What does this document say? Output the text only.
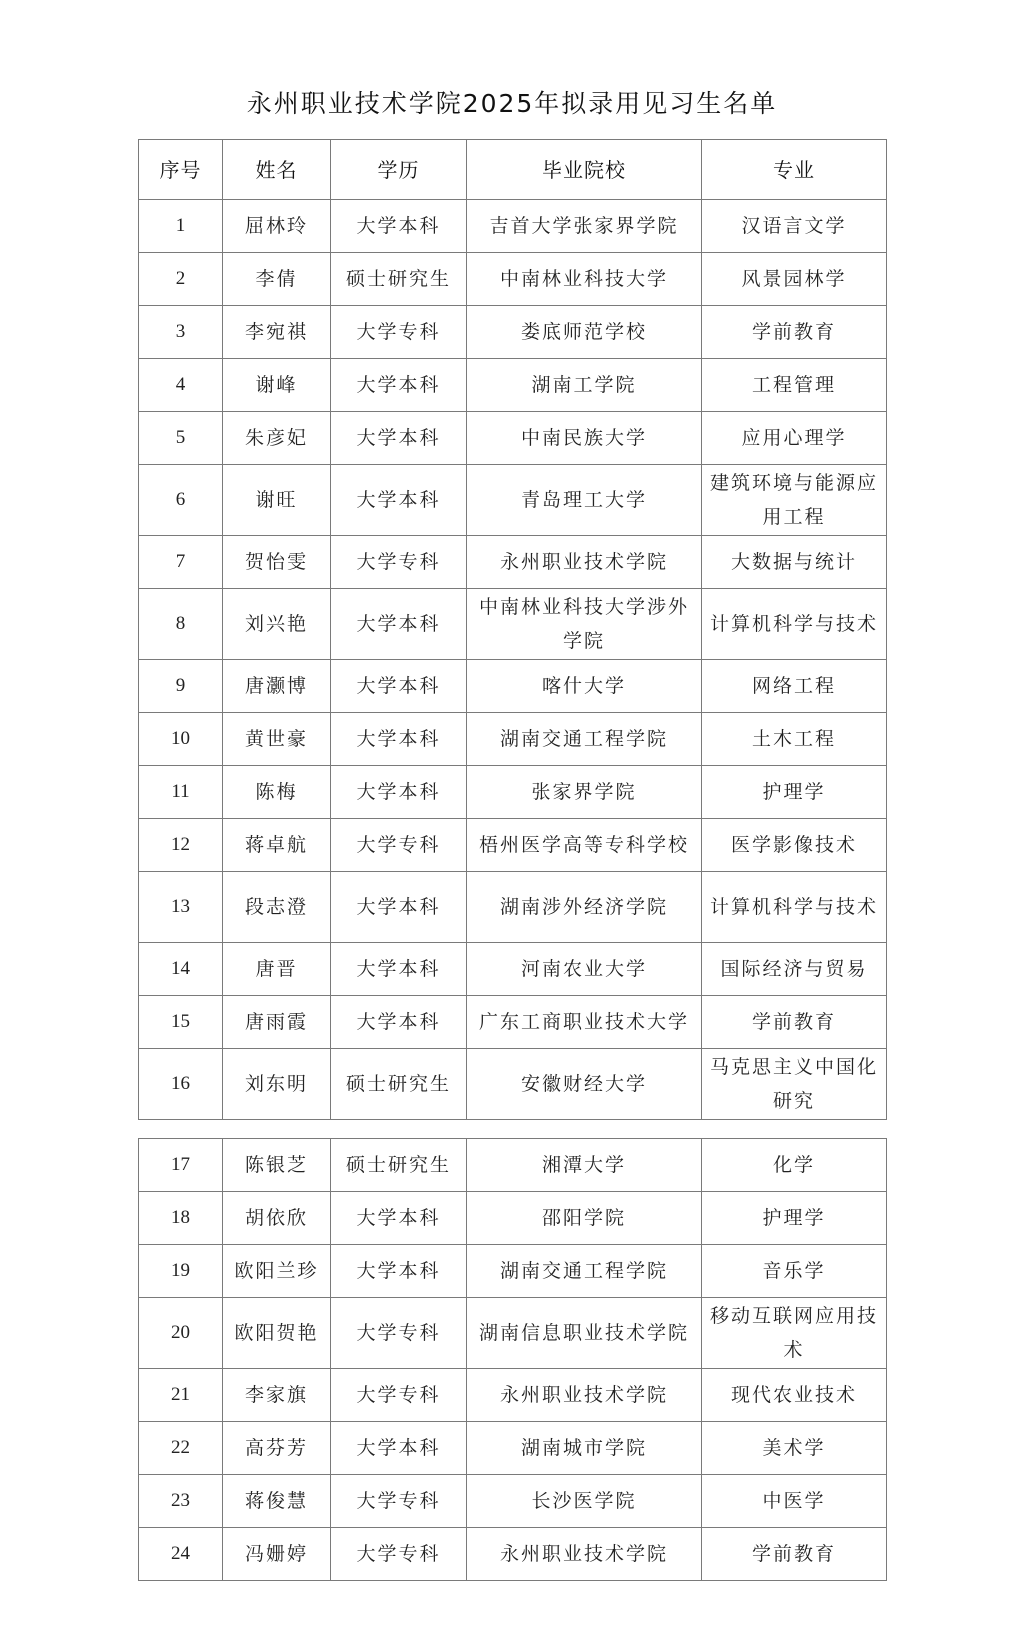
永州职业技术学院2025年拟录用见习生名单
序号	姓名	学历	毕业院校	专业
1	屈林玲	大学本科	吉首大学张家界学院	汉语言文学
2	李倩	硕士研究生	中南林业科技大学	风景园林学
3	李宛祺	大学专科	娄底师范学校	学前教育
4	谢峰	大学本科	湖南工学院	工程管理
5	朱彦妃	大学本科	中南民族大学	应用心理学
6	谢旺	大学本科	青岛理工大学	建筑环境与能源应用工程
7	贺怡雯	大学专科	永州职业技术学院	大数据与统计
8	刘兴艳	大学本科	中南林业科技大学涉外学院	计算机科学与技术
9	唐灏博	大学本科	喀什大学	网络工程
10	黄世豪	大学本科	湖南交通工程学院	土木工程
11	陈梅	大学本科	张家界学院	护理学
12	蒋卓航	大学专科	梧州医学高等专科学校	医学影像技术
13	段志澄	大学本科	湖南涉外经济学院	计算机科学与技术
14	唐晋	大学本科	河南农业大学	国际经济与贸易
15	唐雨霞	大学本科	广东工商职业技术大学	学前教育
16	刘东明	硕士研究生	安徽财经大学	马克思主义中国化研究
17	陈银芝	硕士研究生	湘潭大学	化学
18	胡依欣	大学本科	邵阳学院	护理学
19	欧阳兰珍	大学本科	湖南交通工程学院	音乐学
20	欧阳贺艳	大学专科	湖南信息职业技术学院	移动互联网应用技术
21	李家旗	大学专科	永州职业技术学院	现代农业技术
22	高芬芳	大学本科	湖南城市学院	美术学
23	蒋俊慧	大学专科	长沙医学院	中医学
24	冯姗婷	大学专科	永州职业技术学院	学前教育
